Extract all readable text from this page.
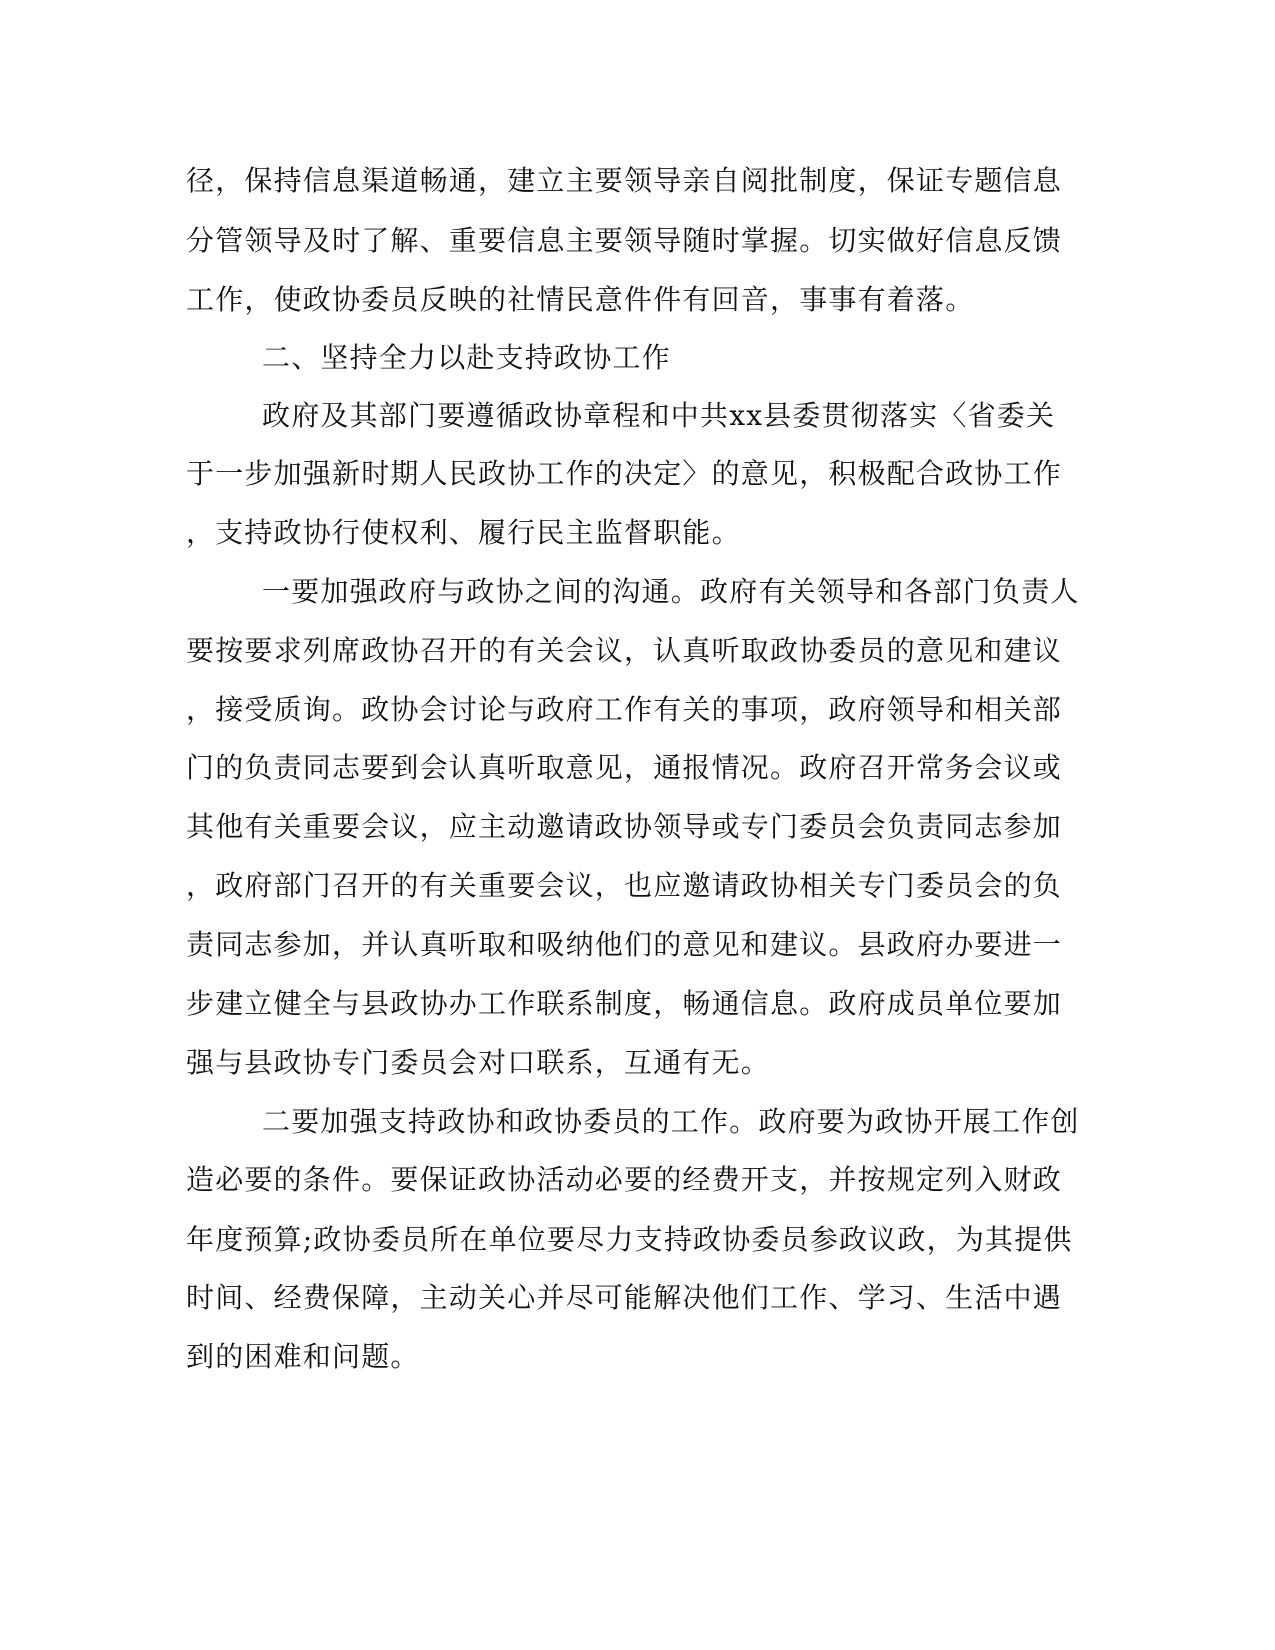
径，保持信息渠道畅通，建立主要领导亲自阅批制度，保证专题信息
分管领导及时了解、重要信息主要领导随时掌握。切实做好信息反馈
工作，使政协委员反映的社情民意件件有回音，事事有着落。
二、坚持全力以赴支持政协工作
政府及其部门要遵循政协章程和中共xx县委贯彻落实〈省委关
于一步加强新时期人民政协工作的决定〉的意见，积极配合政协工作
，支持政协行使权利、履行民主监督职能。
一要加强政府与政协之间的沟通。政府有关领导和各部门负责人
要按要求列席政协召开的有关会议，认真听取政协委员的意见和建议
，接受质询。政协会讨论与政府工作有关的事项，政府领导和相关部
门的负责同志要到会认真听取意见，通报情况。政府召开常务会议或
其他有关重要会议，应主动邀请政协领导或专门委员会负责同志参加
，政府部门召开的有关重要会议，也应邀请政协相关专门委员会的负
责同志参加，并认真听取和吸纳他们的意见和建议。县政府办要进一
步建立健全与县政协办工作联系制度，畅通信息。政府成员单位要加
强与县政协专门委员会对口联系，互通有无。
二要加强支持政协和政协委员的工作。政府要为政协开展工作创
造必要的条件。要保证政协活动必要的经费开支，并按规定列入财政
年度预算;政协委员所在单位要尽力支持政协委员参政议政，为其提供
时间、经费保障，主动关心并尽可能解决他们工作、学习、生活中遇
到的困难和问题。
